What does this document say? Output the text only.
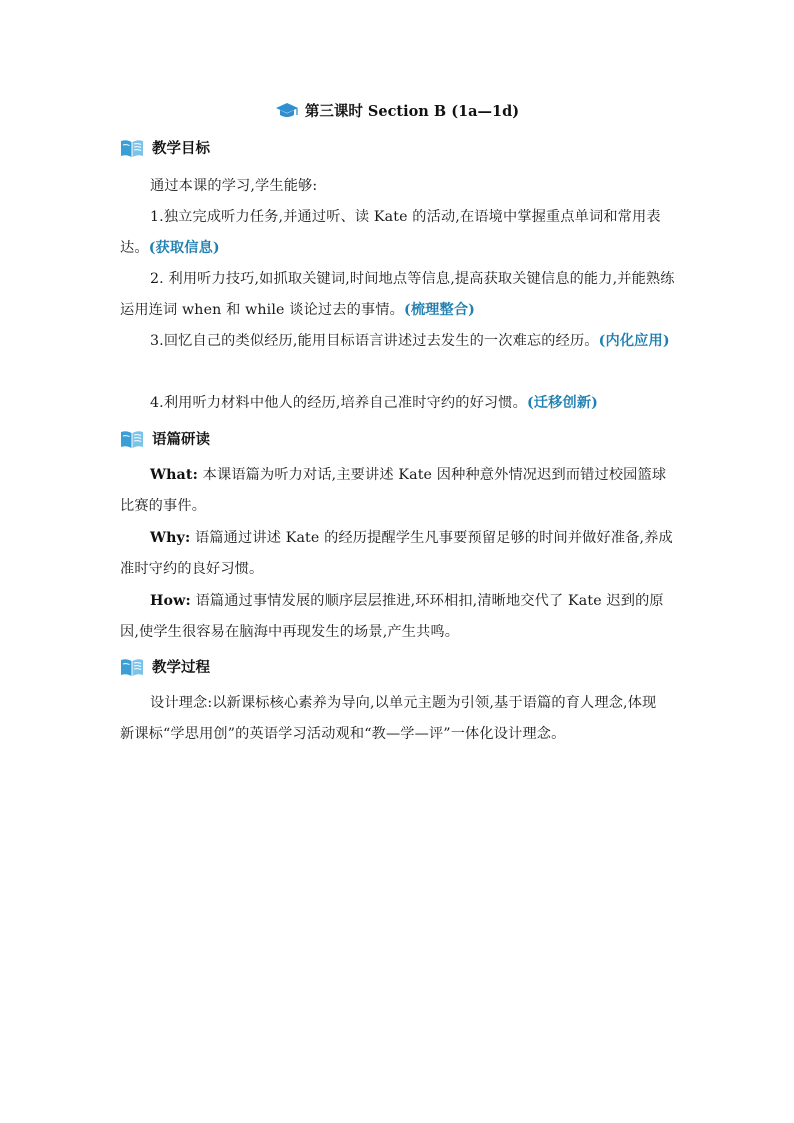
第三课时 Section B (1a—1d)
教学目标
通过本课的学习,学生能够:
1.独立完成听力任务,并通过听、读 Kate 的活动,在语境中掌握重点单词和常用表达。(获取信息)
2. 利用听力技巧,如抓取关键词,时间地点等信息,提高获取关键信息的能力,并能熟练运用连词 when 和 while 谈论过去的事情。(梳理整合)
3.回忆自己的类似经历,能用目标语言讲述过去发生的一次难忘的经历。(内化应用)
4.利用听力材料中他人的经历,培养自己准时守约的好习惯。(迁移创新)
语篇研读
What: 本课语篇为听力对话,主要讲述 Kate 因种种意外情况迟到而错过校园篮球比赛的事件。
Why: 语篇通过讲述 Kate 的经历提醒学生凡事要预留足够的时间并做好准备,养成准时守约的良好习惯。
How: 语篇通过事情发展的顺序层层推进,环环相扣,清晰地交代了 Kate 迟到的原因,使学生很容易在脑海中再现发生的场景,产生共鸣。
教学过程
设计理念:以新课标核心素养为导向,以单元主题为引领,基于语篇的育人理念,体现新课标“学思用创”的英语学习活动观和“教—学—评”一体化设计理念。
